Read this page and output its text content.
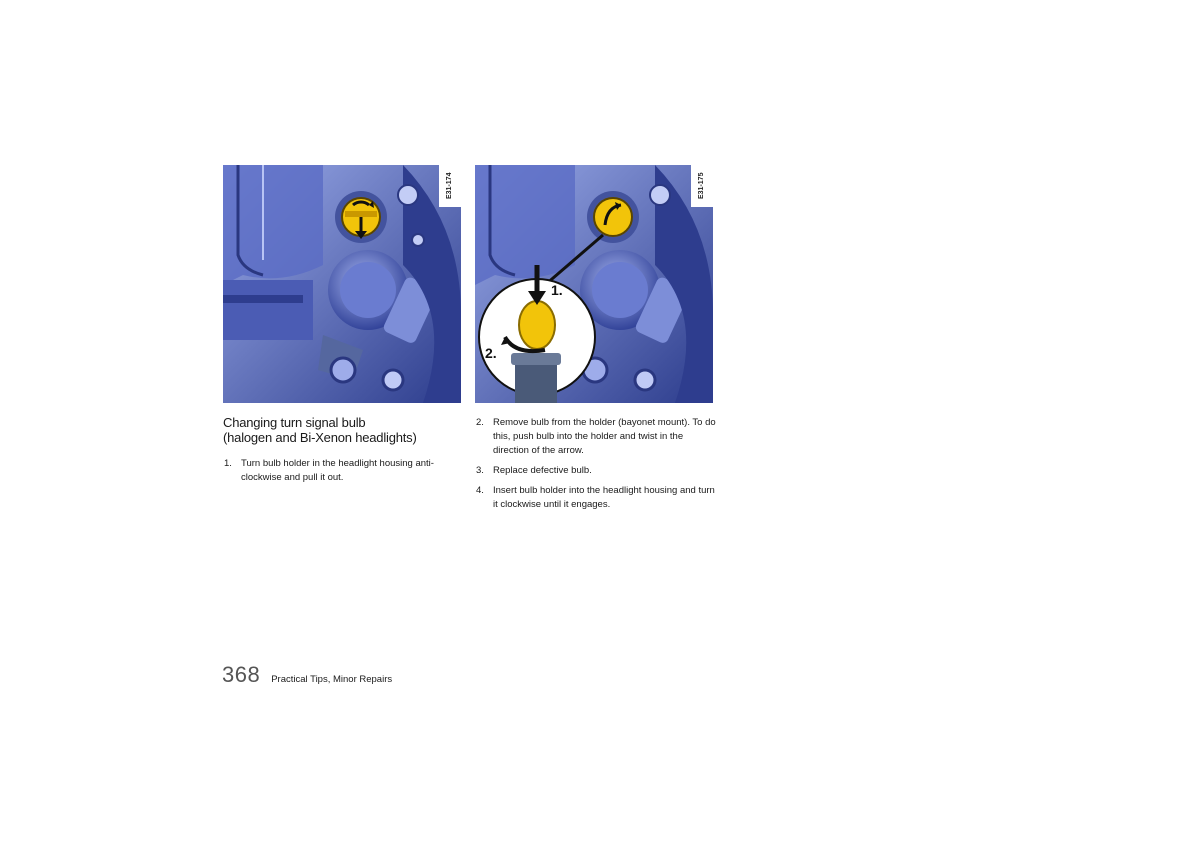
E31-174
1.
2.
E31-175
Changing turn signal bulb
(halogen and Bi-Xenon headlights)
1. Turn bulb holder in the headlight housing anti-clockwise and pull it out.
2. Remove bulb from the holder (bayonet mount). To do this, push bulb into the holder and twist in the direction of the arrow.
3. Replace defective bulb.
4. Insert bulb holder into the headlight housing and turn it clockwise until it engages.
368 Practical Tips, Minor Repairs
